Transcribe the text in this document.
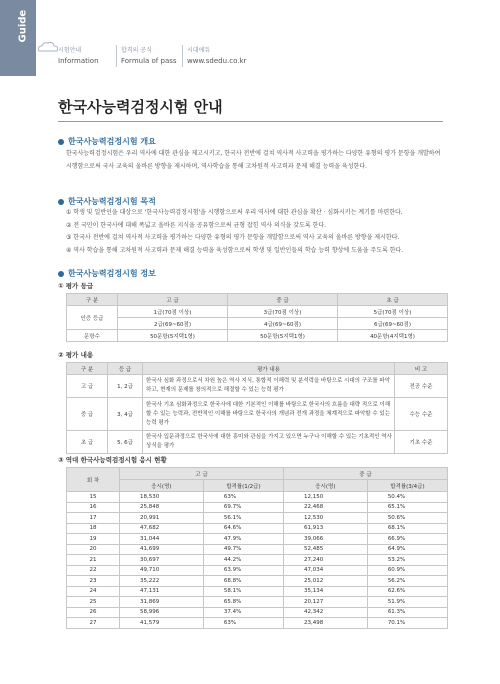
Guide
시험안내
Information
합격의 공식
Formula of pass
시대에듀
www.sdedu.co.kr
한국사능력검정시험 안내
한국사능력검정시험 개요
한국사능력검정시험은 우리 역사에 대한 관심을 제고시키고, 한국사 전반에 걸쳐 역사적 사고력을 평가하는 다양한 유형의 평가 문항을 개발하여 시행함으로써 국사 교육의 올바른 방향을 제시하며, 역사학습을 통해 고차원적 사고력과 문제 해결 능력을 육성한다.
한국사능력검정시험 목적
① 학생 및 일반인을 대상으로 '한국사능력검정시험'을 시행함으로써 우리 역사에 대한 관심을 확산 · 심화시키는 계기를 마련한다.
② 전 국민이 한국사에 대해 폭넓고 올바른 지식을 공유함으로써 균형 잡힌 역사 의식을 갖도록 한다.
③ 한국사 전반에 걸쳐 역사적 사고력을 평가하는 다양한 유형의 평가 문항을 개발함으로써 역사 교육의 올바른 방향을 제시한다.
④ 역사 학습을 통해 고차원적 사고력과 문제 해결 능력을 육성함으로써 학생 및 일반인들의 학습 능력 향상에 도움을 주도록 한다.
한국사능력검정시험 정보
① 평가 등급
구 분	고 급	중 급	초 급
인증 등급	1급(70점 이상)	3급(70점 이상)	5급(70점 이상)
	2급(69~60점)	4급(69~60점)	6급(69~60점)
문항수	50문항(5지택1형)	50문항(5지택1형)	40문항(4지택1형)
② 평가 내용
구 분	등 급	평가 내용	비 고
고 급	1, 2급	한국사 심화 과정으로서 차원 높은 역사 지식, 통합적 이해력 및 분석력을 바탕으로 시대의 구조를 파악하고, 현재의 문제를 창의적으로 해결할 수 있는 능력 평가	전공 수준
중 급	3, 4급	한국사 기초 심화과정으로 한국사에 대한 기본적인 이해를 바탕으로 한국사의 흐름을 대략 적으로 이해할 수 있는 능력과, 전반적인 이해를 바탕으로 한국사의 개념과 전개 과정을 체계적으로 파악할 수 있는 능력 평가	수능 수준
초 급	5, 6급	한국사 입문과정으로 한국사에 대한 흥미와 관심을 가지고 있으면 누구나 이해할 수 있는 기초적인 역사 상식을 평가	기초 수준
③ 역대 한국사능력검정시험 응시 현황
회 차	고 급		중 급	
	응시(명)	합격률(1/2급)	응시(명)	합격률(3/4급)
15	18,530	63%	12,150	50.4%
16	25,848	69.7%	22,468	65.1%
17	20,991	56.1%	12,530	50.6%
18	47,682	64.6%	61,913	68.1%
19	31,044	47.9%	39,066	66.9%
20	41,699	49.7%	52,485	64.9%
21	30,697	44.2%	27,240	53.2%
22	49,710	63.9%	47,034	60.9%
23	35,222	68.8%	25,012	56.2%
24	47,131	58.1%	35,134	62.6%
25	31,869	65.8%	20,127	51.9%
26	58,996	37.4%	42,342	61.3%
27	41,579	63%	23,498	70.1%
